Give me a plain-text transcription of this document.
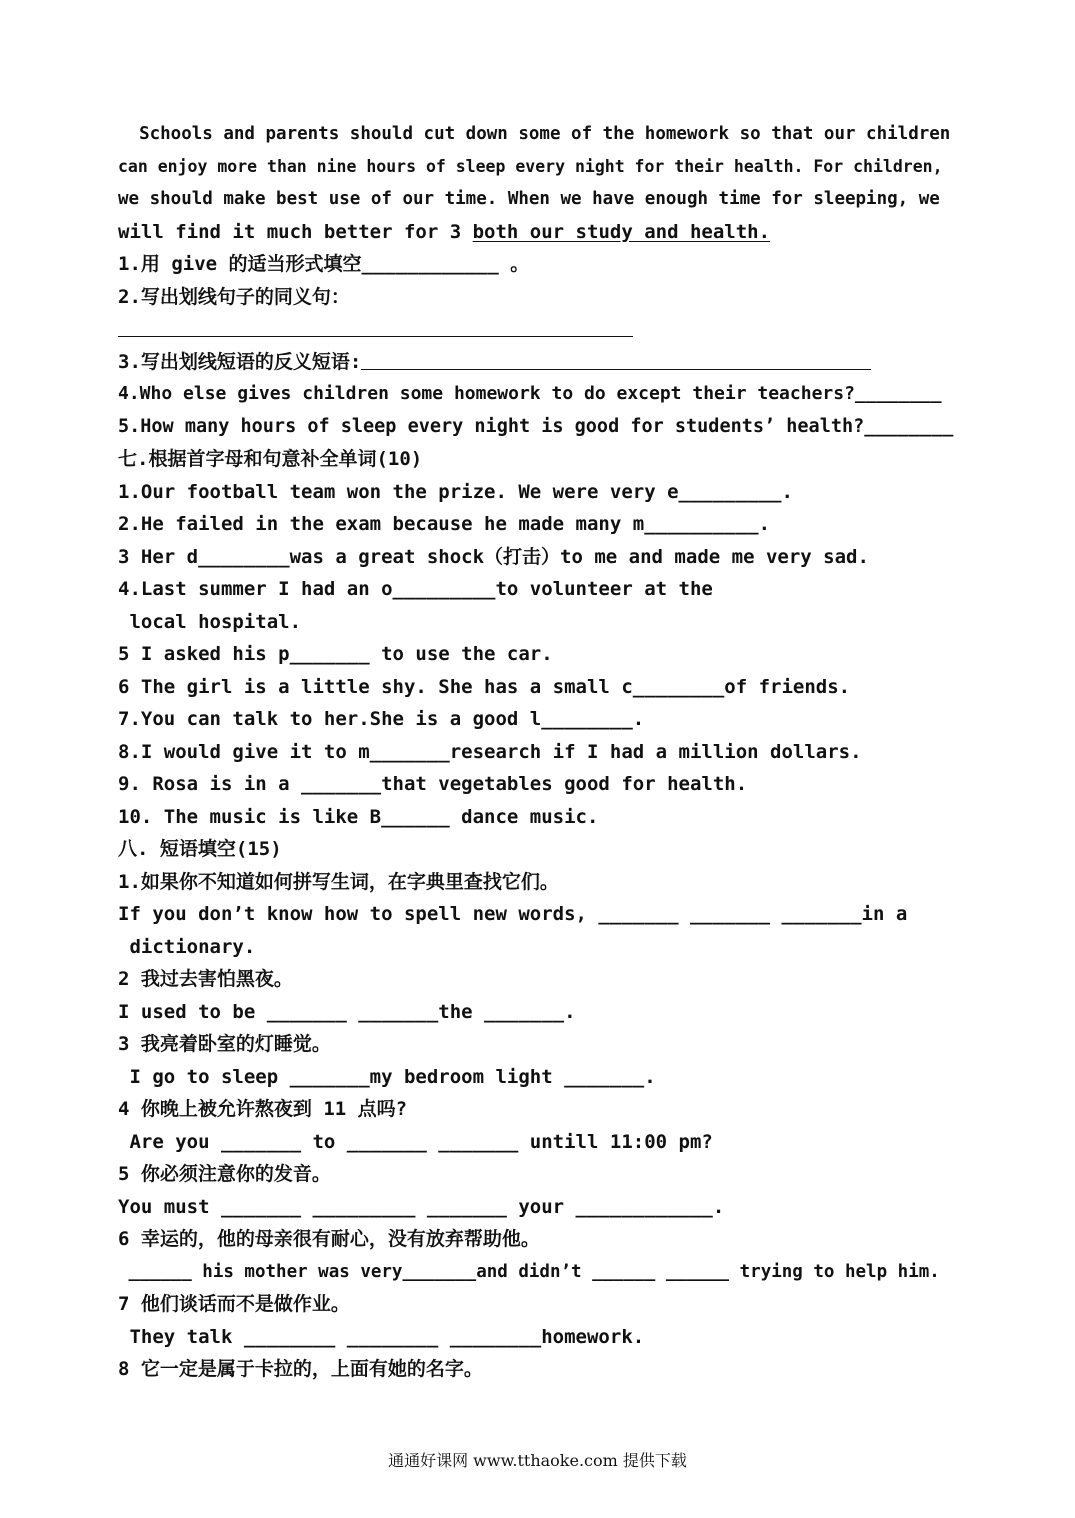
Schools and parents should cut down some of the homework so that our children
can enjoy more than nine hours of sleep every night for their health. For children,
we should make best use of our time. When we have enough time for sleeping, we
will find it much better for 3 both our study and health.
1.用 give 的适当形式填空____________ 。
2.写出划线句子的同义句：
3.写出划线短语的反义短语:
4.Who else gives children some homework to do except their teachers?________
5.How many hours of sleep every night is good for students’ health?________
七.根据首字母和句意补全单词(10)
1.Our football team won the prize. We were very e_________.
2.He failed in the exam because he made many m__________.
3 Her d________was a great shock（打击）to me and made me very sad.
4.Last summer I had an o_________to volunteer at the
local hospital.
5 I asked his p_______ to use the car.
6 The girl is a little shy. She has a small c________of friends.
7.You can talk to her.She is a good l________.
8.I would give it to m_______research if I had a million dollars.
9. Rosa is in a _______that vegetables good for health.
10. The music is like B______ dance music.
八. 短语填空(15)
1.如果你不知道如何拼写生词，在字典里查找它们。
If you don’t know how to spell new words, _______ _______ _______in a
dictionary.
2 我过去害怕黑夜。
I used to be _______ _______the _______.
3 我亮着卧室的灯睡觉。
I go to sleep _______my bedroom light _______.
4 你晚上被允许熬夜到 11 点吗?
Are you _______ to _______ _______ untill 11:00 pm?
5 你必须注意你的发音。
You must _______ _________ _______ your ____________.
6 幸运的，他的母亲很有耐心，没有放弃帮助他。
______ his mother was very_______and didn’t ______ ______ trying to help him.
7 他们谈话而不是做作业。
They talk ________ ________ ________homework.
8 它一定是属于卡拉的，上面有她的名字。
通通好课网 www.tthaoke.com 提供下载
